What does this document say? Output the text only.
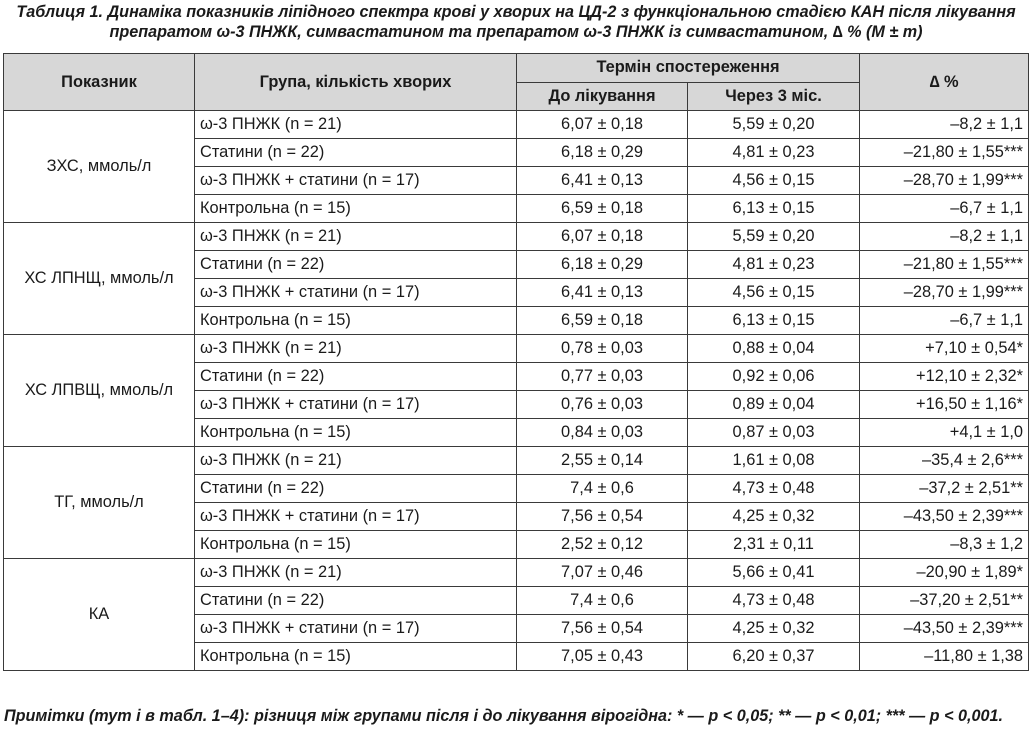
Таблиця 1. Динаміка показників ліпідного спектра крові у хворих на ЦД-2 з функціональною стадією КАН після лікування препаратом ω-3 ПНЖК, симвастатином та препаратом ω-3 ПНЖК із симвастатином, ∆ % (M ± m)
Показник	Група, кількість хворих	Термін спостереження		∆ %
		До лікування	Через 3 міс.	
ЗХС, ммоль/л	ω-3 ПНЖК (n = 21)	6,07 ± 0,18	5,59 ± 0,20	–8,2 ± 1,1
	Статини (n = 22)	6,18 ± 0,29	4,81 ± 0,23	–21,80 ± 1,55***
	ω-3 ПНЖК + статини (n = 17)	6,41 ± 0,13	4,56 ± 0,15	–28,70 ± 1,99***
	Контрольна (n = 15)	6,59 ± 0,18	6,13 ± 0,15	–6,7 ± 1,1
ХС ЛПНЩ, ммоль/л	ω-3 ПНЖК (n = 21)	6,07 ± 0,18	5,59 ± 0,20	–8,2 ± 1,1
	Статини (n = 22)	6,18 ± 0,29	4,81 ± 0,23	–21,80 ± 1,55***
	ω-3 ПНЖК + статини (n = 17)	6,41 ± 0,13	4,56 ± 0,15	–28,70 ± 1,99***
	Контрольна (n = 15)	6,59 ± 0,18	6,13 ± 0,15	–6,7 ± 1,1
ХС ЛПВЩ, ммоль/л	ω-3 ПНЖК (n = 21)	0,78 ± 0,03	0,88 ± 0,04	+7,10 ± 0,54*
	Статини (n = 22)	0,77 ± 0,03	0,92 ± 0,06	+12,10 ± 2,32*
	ω-3 ПНЖК + статини (n = 17)	0,76 ± 0,03	0,89 ± 0,04	+16,50 ± 1,16*
	Контрольна (n = 15)	0,84 ± 0,03	0,87 ± 0,03	+4,1 ± 1,0
ТГ, ммоль/л	ω-3 ПНЖК (n = 21)	2,55 ± 0,14	1,61 ± 0,08	–35,4 ± 2,6***
	Статини (n = 22)	7,4 ± 0,6	4,73 ± 0,48	–37,2 ± 2,51**
	ω-3 ПНЖК + статини (n = 17)	7,56 ± 0,54	4,25 ± 0,32	–43,50 ± 2,39***
	Контрольна (n = 15)	2,52 ± 0,12	2,31 ± 0,11	–8,3 ± 1,2
КА	ω-3 ПНЖК (n = 21)	7,07 ± 0,46	5,66 ± 0,41	–20,90 ± 1,89*
	Статини (n = 22)	7,4 ± 0,6	4,73 ± 0,48	–37,20 ± 2,51**
	ω-3 ПНЖК + статини (n = 17)	7,56 ± 0,54	4,25 ± 0,32	–43,50 ± 2,39***
	Контрольна (n = 15)	7,05 ± 0,43	6,20 ± 0,37	–11,80 ± 1,38
Примітки (тут і в табл. 1–4): різниця між групами після і до лікування вірогідна: * — p < 0,05; ** — p < 0,01; *** — p < 0,001.
